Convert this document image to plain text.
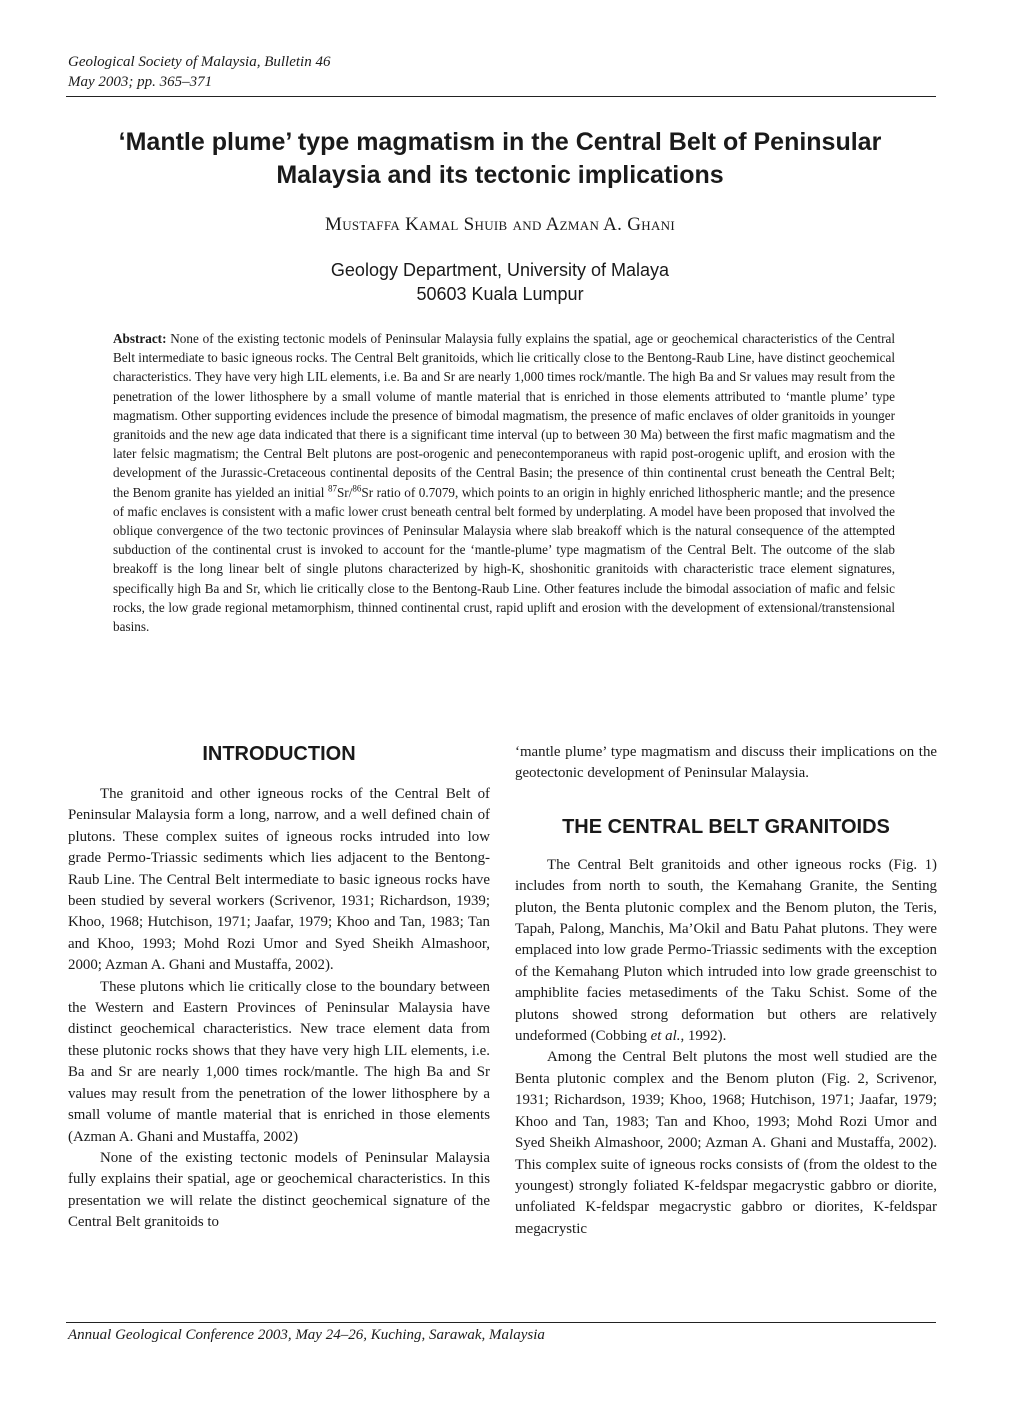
Geological Society of Malaysia, Bulletin 46
May 2003; pp. 365–371
‘Mantle plume’ type magmatism in the Central Belt of Peninsular
Malaysia and its tectonic implications
Mustaffa Kamal Shuib and Azman A. Ghani
Geology Department, University of Malaya
50603 Kuala Lumpur
Abstract: None of the existing tectonic models of Peninsular Malaysia fully explains the spatial, age or geochemical characteristics of the Central Belt intermediate to basic igneous rocks. The Central Belt granitoids, which lie critically close to the Bentong-Raub Line, have distinct geochemical characteristics. They have very high LIL elements, i.e. Ba and Sr are nearly 1,000 times rock/mantle. The high Ba and Sr values may result from the penetration of the lower lithosphere by a small volume of mantle material that is enriched in those elements attributed to ‘mantle plume’ type magmatism. Other supporting evidences include the presence of bimodal magmatism, the presence of mafic enclaves of older granitoids in younger granitoids and the new age data indicated that there is a significant time interval (up to between 30 Ma) between the first mafic magmatism and the later felsic magmatism; the Central Belt plutons are post-orogenic and penecontemporaneus with rapid post-orogenic uplift, and erosion with the development of the Jurassic-Cretaceous continental deposits of the Central Basin; the presence of thin continental crust beneath the Central Belt; the Benom granite has yielded an initial $^{87}$Sr/$^{86}$Sr ratio of 0.7079, which points to an origin in highly enriched lithospheric mantle; and the presence of mafic enclaves is consistent with a mafic lower crust beneath central belt formed by underplating. A model have been proposed that involved the oblique convergence of the two tectonic provinces of Peninsular Malaysia where slab breakoff which is the natural consequence of the attempted subduction of the continental crust is invoked to account for the ‘mantle-plume’ type magmatism of the Central Belt. The outcome of the slab breakoff is the long linear belt of single plutons characterized by high-K, shoshonitic granitoids with characteristic trace element signatures, specifically high Ba and Sr, which lie critically close to the Bentong-Raub Line. Other features include the bimodal association of mafic and felsic rocks, the low grade regional metamorphism, thinned continental crust, rapid uplift and erosion with the development of extensional/transtensional basins.
INTRODUCTION

The granitoid and other igneous rocks of the Central Belt of Peninsular Malaysia form a long, narrow, and a well defined chain of plutons. These complex suites of igneous rocks intruded into low grade Permo-Triassic sediments which lies adjacent to the Bentong-Raub Line. The Central Belt intermediate to basic igneous rocks have been studied by several workers (Scrivenor, 1931; Richardson, 1939; Khoo, 1968; Hutchison, 1971; Jaafar, 1979; Khoo and Tan, 1983; Tan and Khoo, 1993; Mohd Rozi Umor and Syed Sheikh Almashoor, 2000; Azman A. Ghani and Mustaffa, 2002).

These plutons which lie critically close to the boundary between the Western and Eastern Provinces of Peninsular Malaysia have distinct geochemical characteristics. New trace element data from these plutonic rocks shows that they have very high LIL elements, i.e. Ba and Sr are nearly 1,000 times rock/mantle. The high Ba and Sr values may result from the penetration of the lower lithosphere by a small volume of mantle material that is enriched in those elements (Azman A. Ghani and Mustaffa, 2002)

None of the existing tectonic models of Peninsular Malaysia fully explains their spatial, age or geochemical characteristics. In this presentation we will relate the distinct geochemical signature of the Central Belt granitoids to

‘mantle plume’ type magmatism and discuss their implications on the geotectonic development of Peninsular Malaysia.

THE CENTRAL BELT GRANITOIDS

The Central Belt granitoids and other igneous rocks (Fig. 1) includes from north to south, the Kemahang Granite, the Senting pluton, the Benta plutonic complex and the Benom pluton, the Teris, Tapah, Palong, Manchis, Ma’Okil and Batu Pahat plutons. They were emplaced into low grade Permo-Triassic sediments with the exception of the Kemahang Pluton which intruded into low grade greenschist to amphiblite facies metasediments of the Taku Schist. Some of the plutons showed strong deformation but others are relatively undeformed (Cobbing et al., 1992).

Among the Central Belt plutons the most well studied are the Benta plutonic complex and the Benom pluton (Fig. 2, Scrivenor, 1931; Richardson, 1939; Khoo, 1968; Hutchison, 1971; Jaafar, 1979; Khoo and Tan, 1983; Tan and Khoo, 1993; Mohd Rozi Umor and Syed Sheikh Almashoor, 2000; Azman A. Ghani and Mustaffa, 2002). This complex suite of igneous rocks consists of (from the oldest to the youngest) strongly foliated K-feldspar megacrystic gabbro or diorite, unfoliated K-feldspar megacrystic gabbro or diorites, K-feldspar megacrystic

Annual Geological Conference 2003, May 24–26, Kuching, Sarawak, Malaysia
